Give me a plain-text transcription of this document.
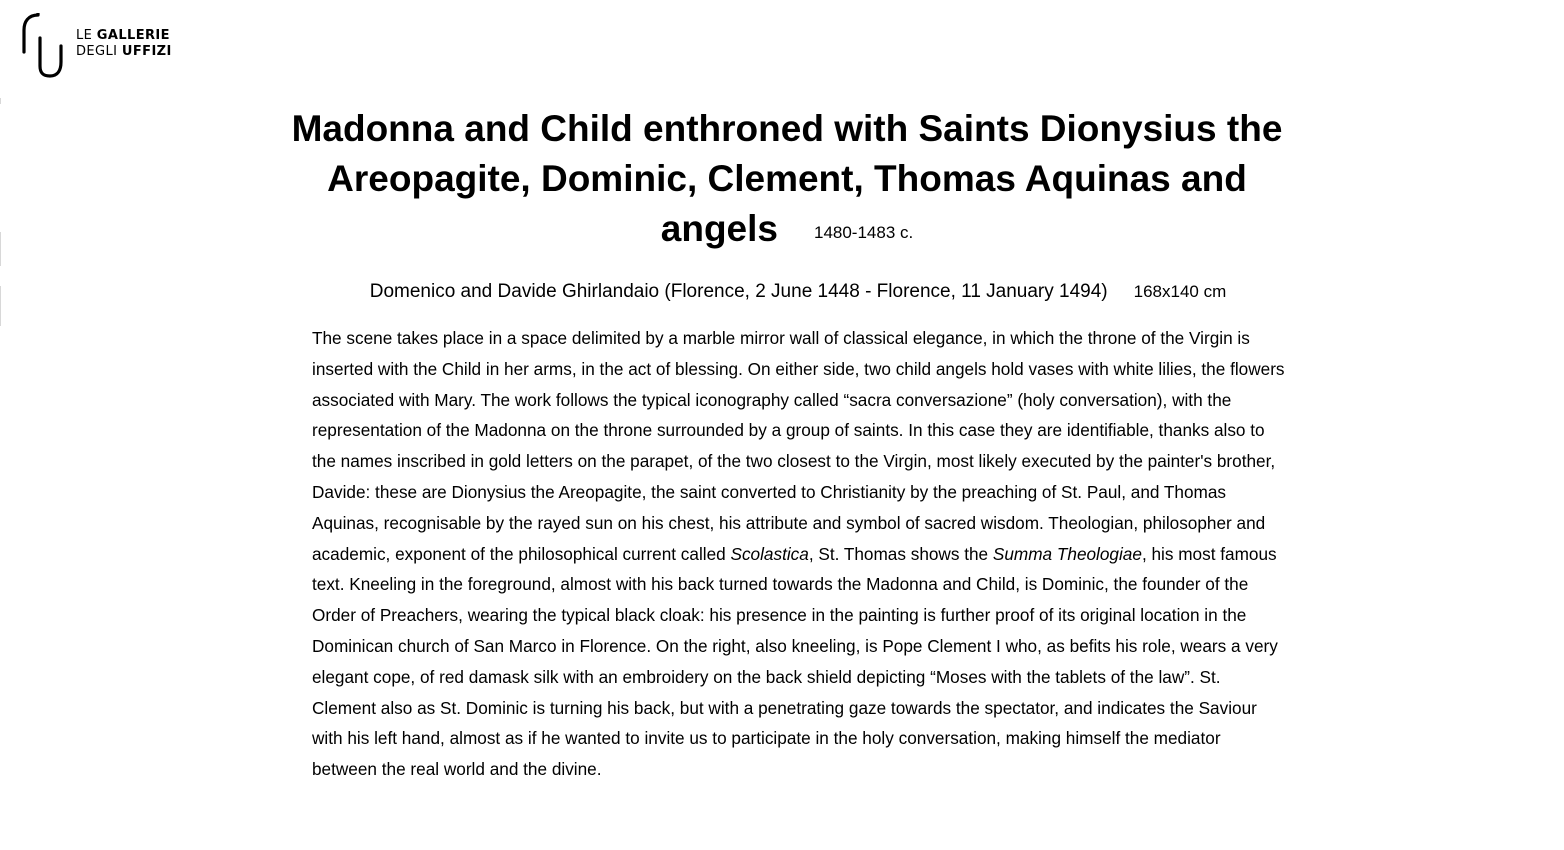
LE GALLERIE
DEGLI UFFIZI
Madonna and Child enthroned with Saints Dionysius the Areopagite, Dominic, Clement, Thomas Aquinas and angels 1480-1483 c.
Domenico and Davide Ghirlandaio (Florence, 2 June 1448 - Florence, 11 January 1494) 168x140 cm

The scene takes place in a space delimited by a marble mirror wall of classical elegance, in which the throne of the Virgin is inserted with the Child in her arms, in the act of blessing. On either side, two child angels hold vases with white lilies, the flowers associated with Mary. The work follows the typical iconography called “sacra conversazione” (holy conversation), with the representation of the Madonna on the throne surrounded by a group of saints. In this case they are identifiable, thanks also to the names inscribed in gold letters on the parapet, of the two closest to the Virgin, most likely executed by the painter's brother, Davide: these are Dionysius the Areopagite, the saint converted to Christianity by the preaching of St. Paul, and Thomas Aquinas, recognisable by the rayed sun on his chest, his attribute and symbol of sacred wisdom. Theologian, philosopher and academic, exponent of the philosophical current called Scolastica, St. Thomas shows the Summa Theologiae, his most famous text. Kneeling in the foreground, almost with his back turned towards the Madonna and Child, is Dominic, the founder of the Order of Preachers, wearing the typical black cloak: his presence in the painting is further proof of its original location in the Dominican church of San Marco in Florence. On the right, also kneeling, is Pope Clement I who, as befits his role, wears a very elegant cope, of red damask silk with an embroidery on the back shield depicting “Moses with the tablets of the law”. St. Clement also as St. Dominic is turning his back, but with a penetrating gaze towards the spectator, and indicates the Saviour with his left hand, almost as if he wanted to invite us to participate in the holy conversation, making himself the mediator between the real world and the divine.
